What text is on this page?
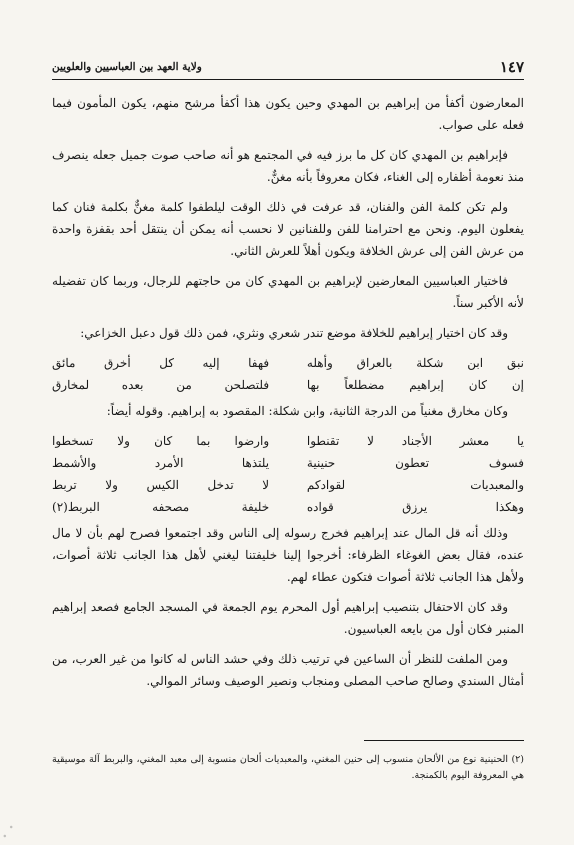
١٤٧
ولاية العهد بين العباسيين والعلويين

المعارضون أكفأ من إبراهيم بن المهدي وحين يكون هذا أكفأ مرشح منهم، يكون المأمون فيما فعله على صواب.

فإبراهيم بن المهدي كان كل ما برز فيه في المجتمع هو أنه صاحب صوت جميل جعله ينصرف منذ نعومة أظفاره إلى الغناء، فكان معروفاً بأنه مغنٌّ.

ولم تكن كلمة الفن والفنان، قد عرفت في ذلك الوقت ليلطفوا كلمة مغنٌّ بكلمة فنان كما يفعلون اليوم. ونحن مع احترامنا للفن وللفنانين لا نحسب أنه يمكن أن ينتقل أحد بقفزة واحدة من عرش الفن إلى عرش الخلافة ويكون أهلاً للعرش الثاني.

فاختيار العباسيين المعارضين لإبراهيم بن المهدي كان من حاجتهم للرجال، وربما كان تفضيله لأنه الأكبر سناً.

وقد كان اختيار إبراهيم للخلافة موضع تندر شعري ونثري، فمن ذلك قول دعبل الخزاعي:

نبق ابن شكلة بالعراق وأهله
فهفا إليه كل أخرق مائق
إن كان إبراهيم مضطلعاً بها
فلتصلحن من بعده لمخارق

وكان مخارق مغنياً من الدرجة الثانية، وابن شكلة: المقصود به إبراهيم. وقوله أيضاً:

يا معشر الأجناد لا تقنطوا
وارضوا بما كان ولا تسخطوا
فسوف تعطون حنينية
يلتذها الأمرد والأشمط
والمعبديات لقوادكم
لا تدخل الكيس ولا تربط
وهكذا يرزق قواده
خليفة مصحفه البربط(٢)

وذلك أنه قل المال عند إبراهيم فخرج رسوله إلى الناس وقد اجتمعوا فصرح لهم بأن لا مال عنده، فقال بعض الغوغاء الظرفاء: أخرجوا إلينا خليفتنا ليغني لأهل هذا الجانب ثلاثة أصوات، ولأهل هذا الجانب ثلاثة أصوات فتكون عطاء لهم.

وقد كان الاحتفال بتنصيب إبراهيم أول المحرم يوم الجمعة في المسجد الجامع فصعد إبراهيم المنبر فكان أول من بايعه العباسيون.

ومن الملفت للنظر أن الساعين في ترتيب ذلك وفي حشد الناس له كانوا من غير العرب، من أمثال السندي وصالح صاحب المصلى ومنجاب ونصير الوصيف وسائر الموالي.

(٢) الحنينية نوع من الألحان منسوب إلى حنين المغني، والمعبديات ألحان منسوبة إلى معبد المغني، والبربط آلة موسيقية هي المعروفة اليوم بالكمنجة.
